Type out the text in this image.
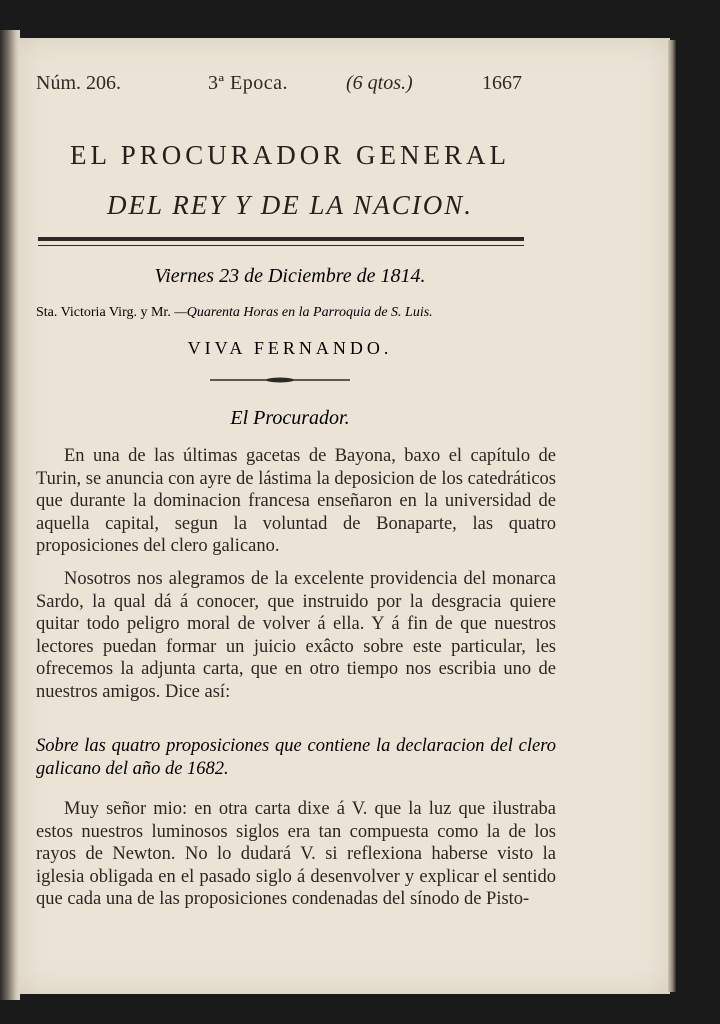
Núm. 206.	3ª Epoca.	(6 qtos.)	1667
EL PROCURADOR GENERAL
DEL REY Y DE LA NACION.
Viernes 23 de Diciembre de 1814.
Sta. Victoria Virg. y Mr. —Quarenta Horas en la Parroquia de S. Luis.
VIVA FERNANDO.
El Procurador.

En una de las últimas gacetas de Bayona, baxo el capítulo de Turin, se anuncia con ayre de lástima la deposicion de los catedráticos que durante la dominacion francesa enseñaron en la universidad de aquella capital, segun la voluntad de Bonaparte, las quatro proposiciones del clero galicano.

Nosotros nos alegramos de la excelente providencia del monarca Sardo, la qual dá á conocer, que instruido por la desgracia quiere quitar todo peligro moral de volver á ella. Y á fin de que nuestros lectores puedan formar un juicio exâcto sobre este particular, les ofrecemos la adjunta carta, que en otro tiempo nos escribia uno de nuestros amigos. Dice así:

Sobre las quatro proposiciones que contiene la declaracion del clero galicano del año de 1682.

Muy señor mio: en otra carta dixe á V. que la luz que ilustraba estos nuestros luminosos siglos era tan compuesta como la de los rayos de Newton. No lo dudará V. si reflexiona haberse visto la iglesia obligada en el pasado siglo á desenvolver y explicar el sentido que cada una de las proposiciones condenadas del sínodo de Pisto-
